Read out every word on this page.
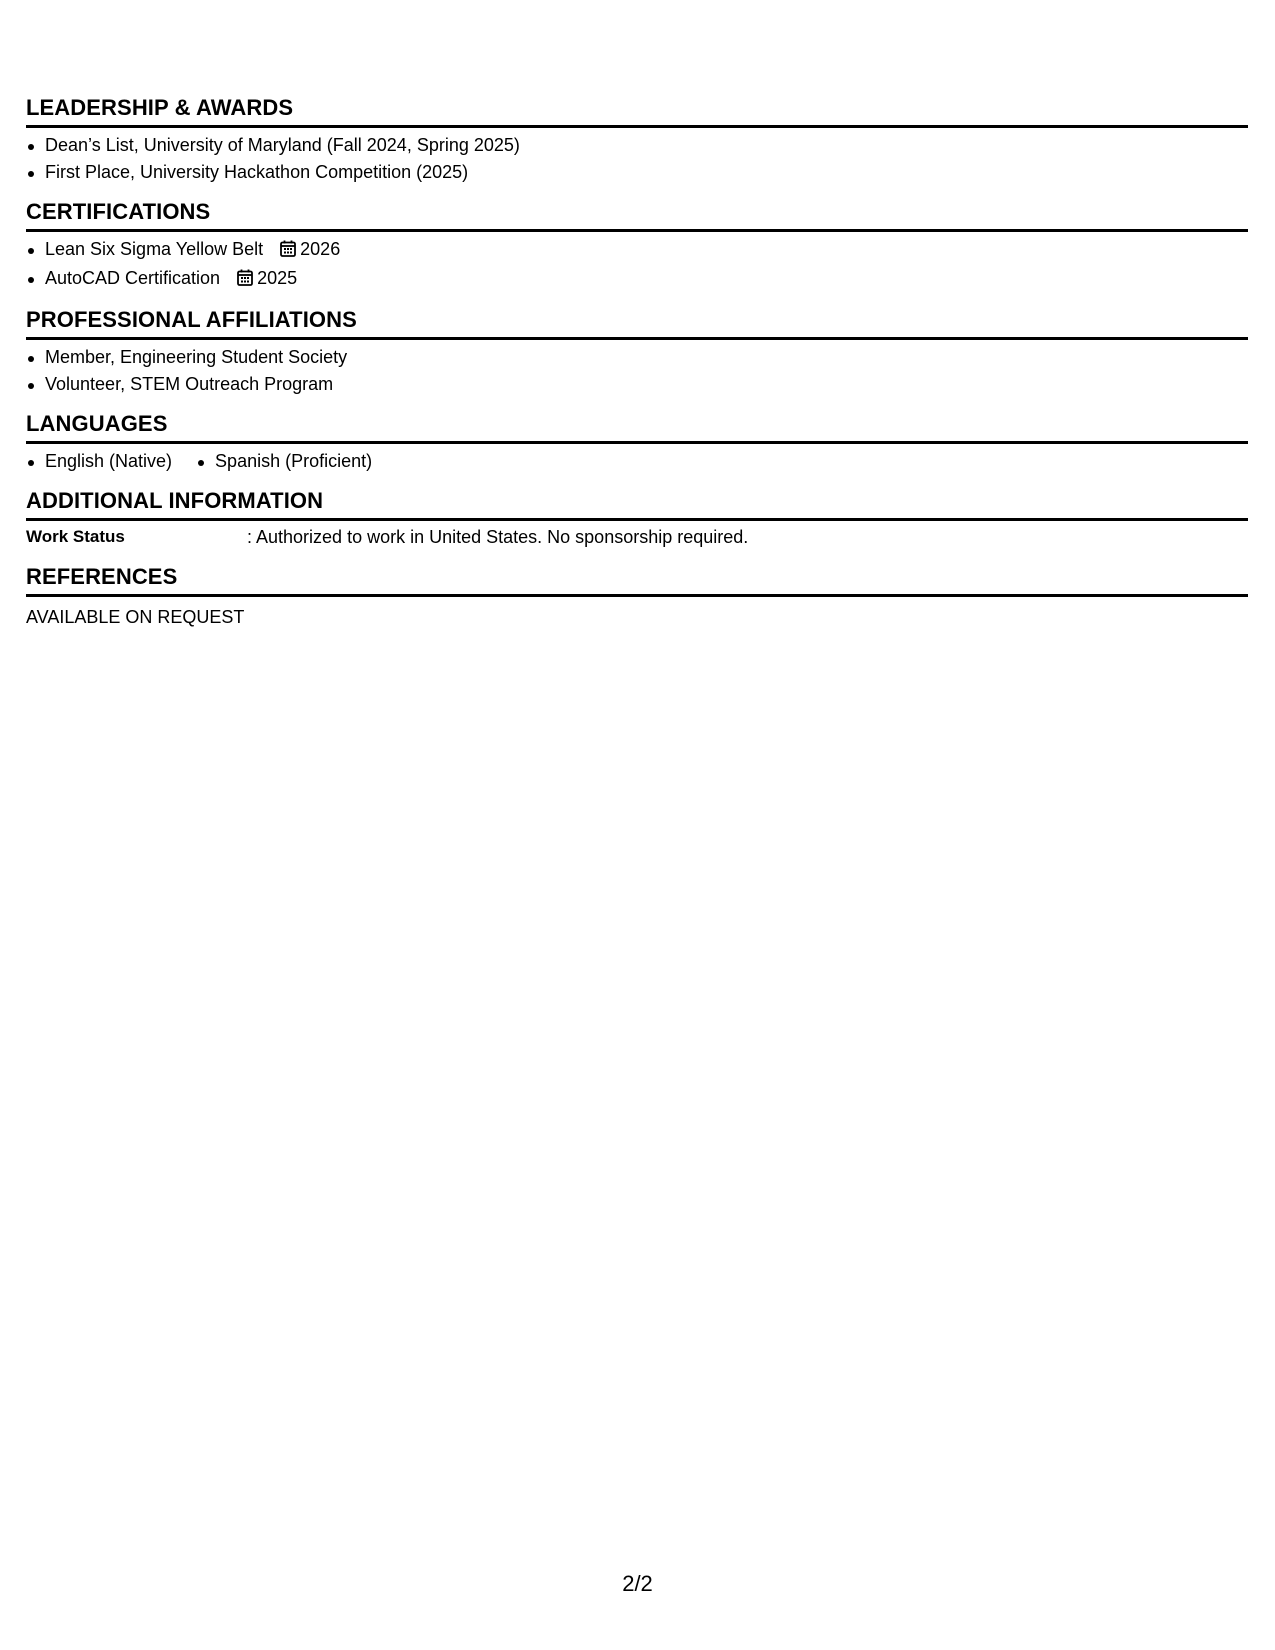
LEADERSHIP & AWARDS
Dean’s List, University of Maryland (Fall 2024, Spring 2025)
First Place, University Hackathon Competition (2025)
CERTIFICATIONS
Lean Six Sigma Yellow Belt 2026
AutoCAD Certification 2025
PROFESSIONAL AFFILIATIONS
Member, Engineering Student Society
Volunteer, STEM Outreach Program
LANGUAGES
English (Native)	Spanish (Proficient)
ADDITIONAL INFORMATION
Work Status	: Authorized to work in United States. No sponsorship required.
REFERENCES
AVAILABLE ON REQUEST
2/2
